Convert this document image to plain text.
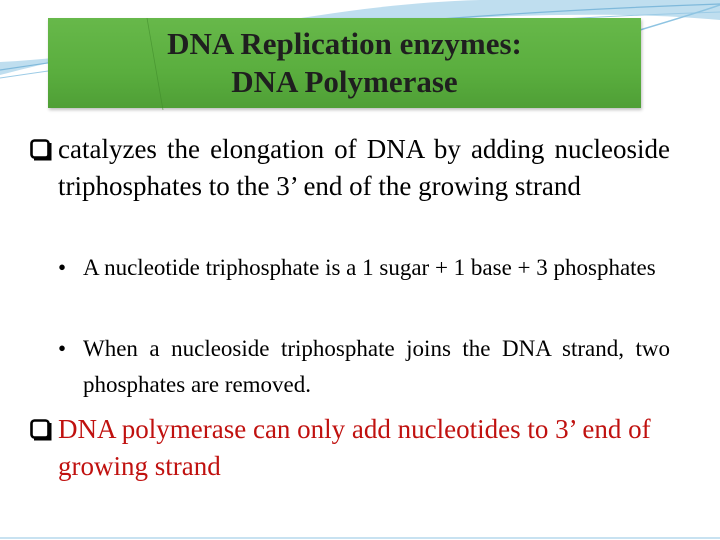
DNA Replication enzymes:
DNA Polymerase
catalyzes the elongation of DNA by adding nucleoside triphosphates to the 3’ end of the growing strand
• A nucleotide triphosphate is a 1 sugar + 1 base + 3 phosphates
• When a nucleoside triphosphate joins the DNA strand, two phosphates are removed.
DNA polymerase can only add nucleotides to 3’ end of growing strand
